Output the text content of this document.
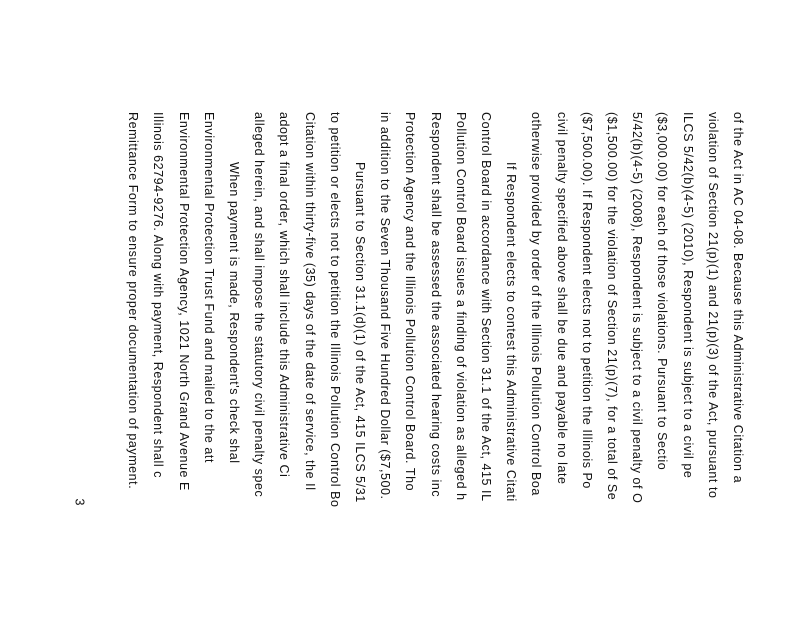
of the Act in AC 04-08. Because this Administrative Citation a
violation of Section 21(p)(1) and 21(p)(3) of the Act, pursuant to
ILCS 5/42(b)(4-5) (2010), Respondent is subject to a civil pe
($3,000.00) for each of those violations. Pursuant to Sectio
5/42(b)(4-5) (2008), Respondent is subject to a civil penalty of O
($1,500.00) for the violation of Section 21(p)(7), for a total of Se
($7,500.00). If Respondent elects not to petition the Illinois Po
civil penalty specified above shall be due and payable no late
otherwise provided by order of the Illinois Pollution Control Boa
If Respondent elects to contest this Administrative Citati
Control Board in accordance with Section 31.1 of the Act, 415 IL
Pollution Control Board issues a finding of violation as alleged h
Respondent shall be assessed the associated hearing costs inc
Protection Agency and the Illinois Pollution Control Board. Tho
in addition to the Seven Thousand Five Hundred Dollar ($7,500.
Pursuant to Section 31.1(d)(1) of the Act, 415 ILCS 5/31
to petition or elects not to petition the Illinois Pollution Control Bo
Citation within thirty-five (35) days of the date of service, the Il
adopt a final order, which shall include this Administrative Ci
alleged herein, and shall impose the statutory civil penalty spec
When payment is made, Respondent's check shal
Environmental Protection Trust Fund and mailed to the att
Environmental Protection Agency, 1021 North Grand Avenue E
Illinois 62794-9276. Along with payment, Respondent shall c
Remittance Form to ensure proper documentation of payment.
3
